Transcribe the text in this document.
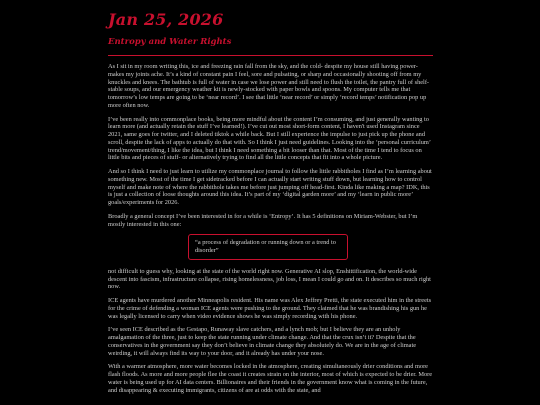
Jan 25, 2026
Entropy and Water Rights

As I sit in my room writing this, ice and freezing rain fall from the sky, and the cold- despite my house still having power- makes my joints ache. It’s a kind of constant pain I feel, sore and pulsating, or sharp and occasionally shooting off from my knuckles and knees. The bathtub is full of water in case we lose power and still need to flush the toilet, the pantry full of shelf-stable soups, and our emergency weather kit is newly-stocked with paper bowls and spoons. My computer tells me that tomorrow’s low temps are going to be ‘near record’. I see that little ‘near record’ or simply ‘record temps’ notification pop up more often now.

I’ve been really into commonplace books, being more mindful about the content I’m consuming, and just generally wanting to learn more (and actually retain the stuff I’ve learned!). I’ve cut out most short-form content, I haven't used Instagram since 2021, same goes for twitter, and I deleted tiktok a while back. But I still experience the impulse to just pick up the phone and scroll, despite the lack of apps to actually do that with. So I think I just need guidelines. Looking into the ‘personal curriculum’ trend/movement/thing, I like the idea, but I think I need something a bit looser than that. Most of the time I tend to focus on little bits and pieces of stuff- or alternatively trying to find all the little concepts that fit into a whole picture.

And so I think I need to just learn to utilize my commonplace journal to follow the little rabbitholes I find as I’m learning about something new. Most of the time I get sidetracked before I can actually start writing stuff down, but learning how to control myself and make note of where the rabbithole takes me before just jumping off head-first. Kinda like making a map? IDK, this is just a collection of loose thoughts around this idea. It’s part of my ‘digital garden more’ and my ‘learn in public more’ goals/experiments for 2026.

Broadly a general concept I’ve been interested in for a while is ‘Entropy’. It has 5 definitions on Miriam-Webster, but I’m mostly interested in this one:

“a process of degradation or running down or a trend to disorder”

not difficult to guess why, looking at the state of the world right now. Generative AI slop, Enshittification, the world-wide descent into fascism, infrastructure collapse, rising homelessness, job loss, I mean I could go and on. It describes so much right now.

ICE agents have murdered another Minneapolis resident. His name was Alex Jeffrey Pretti, the state executed him in the streets for the crime of defending a woman ICE agents were pushing to the ground. They claimed that he was brandishing his gun he was legally licensed to carry when video evidence shows he was simply recording with his phone.

I’ve seen ICE described as the Gestapo, Runaway slave catchers, and a lynch mob; but I believe they are an unholy amalgamation of the three, just to keep the state running under climate change. And that the crux isn’t it? Despite that the conservatives in the government say they don’t believe in climate change they absolutely do. We are in the age of climate weirding, it will always find its way to your door, and it already has under your nose.

With a warmer atmosphere, more water becomes locked in the atmosphere, creating simultaneously drier conditions and more flash floods. As more and more people flee the coast it creates strain on the interior, most of which is expected to be drier. More water is being used up for AI data centers. Billionaires and their friends in the government know what is coming in the future, and disappearing & executing immigrants, citizens of are at odds with the state, and
